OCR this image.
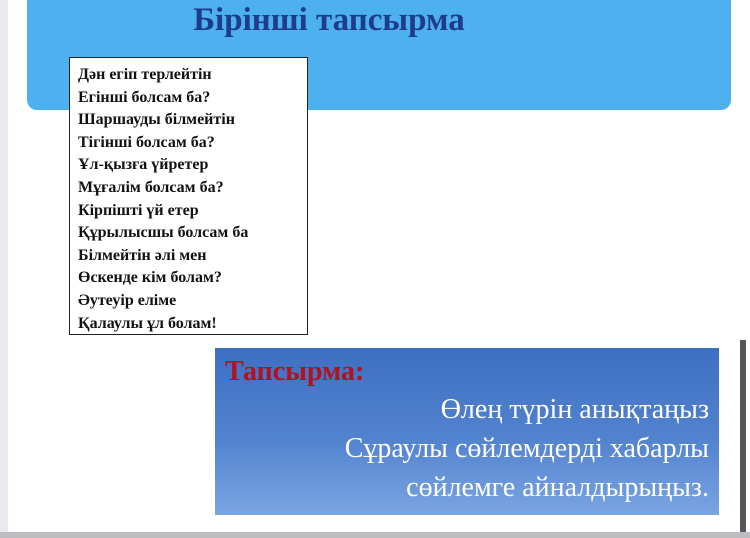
Бірінші тапсырма
Дән егіп терлейтін
Егінші болсам ба?
Шаршауды білмейтін
Тігінші болсам ба?
Ұл-қызға үйретер
Мұғалім болсам ба?
Кірпішті үй етер
Құрылысшы болсам ба
Білмейтін әлі мен
Өскенде кім болам?
Әутеуір еліме
Қалаулы ұл болам!
Тапсырма:
Өлең түрін анықтаңыз
Сұраулы сөйлемдерді хабарлы
сөйлемге айналдырыңыз.
